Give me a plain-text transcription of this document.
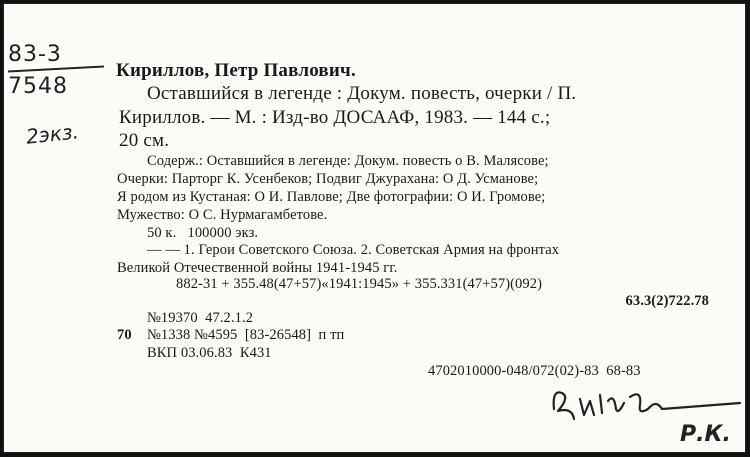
83-3
7548
2экз.
Кириллов, Петр Павлович.
Оставшийся в легенде : Докум. повесть, очерки / П.
Кириллов. — М. : Изд-во ДОСААФ, 1983. — 144 с.;
20 см.
Содерж.: Оставшийся в легенде: Докум. повесть о В. Малясове;
Очерки: Парторг К. Усенбеков; Подвиг Джурахана: О Д. Усманове;
Я родом из Кустаная: О И. Павлове; Две фотографии: О И. Громове;
Мужество: О С. Нурмагамбетове.
50 к.   100000 экз.
— — 1. Герои Советского Союза. 2. Советская Армия на фронтах
Великой Отечественной войны 1941-1945 гг.
882-31 + 355.48(47+57)«1941:1945» + 355.331(47+57)(092)
63.3(2)722.78
№19370  47.2.1.2
70 №1338 №4595  [83-26548]  п тп
ВКП 03.06.83  К431
4702010000-048/072(02)-83  68-83
Р.К.
